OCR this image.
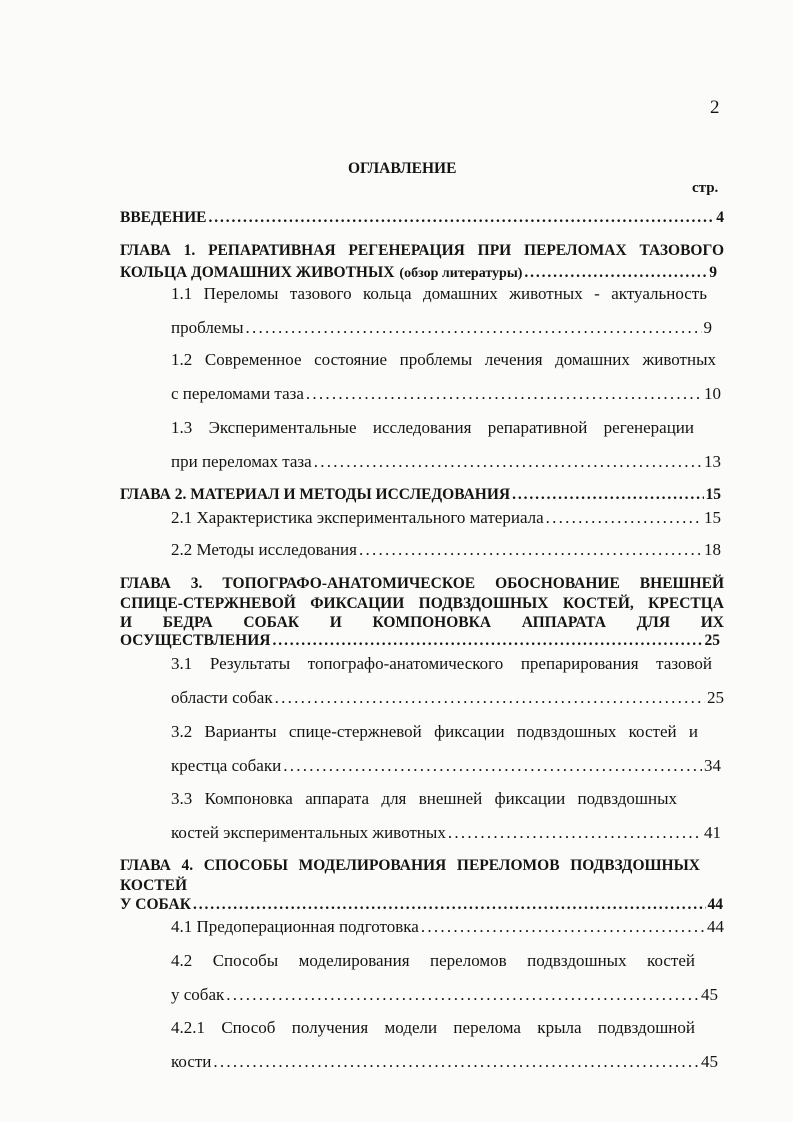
2
ОГЛАВЛЕНИЕ
стр.
ВВЕДЕНИЕ . . .	4
ГЛАВА 1. РЕПАРАТИВНАЯ РЕГЕНЕРАЦИЯ ПРИ ПЕРЕЛОМАХ ТАЗОВОГО
КОЛЬЦА ДОМАШНИХ ЖИВОТНЫХ (обзор литературы) . . .	9
1.1 Переломы тазового кольца домашних животных - актуальность
проблемы . . .	9
1.2 Современное состояние проблемы лечения домашних животных
с переломами таза . . .	10
1.3 Экспериментальные исследования репаративной регенерации
при переломах таза . . .	13
ГЛАВА 2. МАТЕРИАЛ И МЕТОДЫ ИССЛЕДОВАНИЯ . . .	15
2.1 Характеристика экспериментального материала . . .	15
2.2 Методы исследования . . .	18
ГЛАВА 3. ТОПОГРАФО-АНАТОМИЧЕСКОЕ ОБОСНОВАНИЕ ВНЕШНЕЙ
СПИЦЕ-СТЕРЖНЕВОЙ ФИКСАЦИИ ПОДВЗДОШНЫХ КОСТЕЙ, КРЕСТЦА
И БЕДРА СОБАК И КОМПОНОВКА АППАРАТА ДЛЯ ИХ
ОСУЩЕСТВЛЕНИЯ . . .	25
3.1 Результаты топографо-анатомического препарирования тазовой
области собак . . .	25
3.2 Варианты спице-стержневой фиксации подвздошных костей и
крестца собаки . . .	34
3.3 Компоновка аппарата для внешней фиксации подвздошных
костей экспериментальных животных . . .	41
ГЛАВА 4. СПОСОБЫ МОДЕЛИРОВАНИЯ ПЕРЕЛОМОВ ПОДВЗДОШНЫХ
КОСТЕЙ
У СОБАК . . .	44
4.1 Предоперационная подготовка . . .	44
4.2 Способы моделирования переломов подвздошных костей
у собак . . .	45
4.2.1 Способ получения модели перелома крыла подвздошной
кости . . .	45
